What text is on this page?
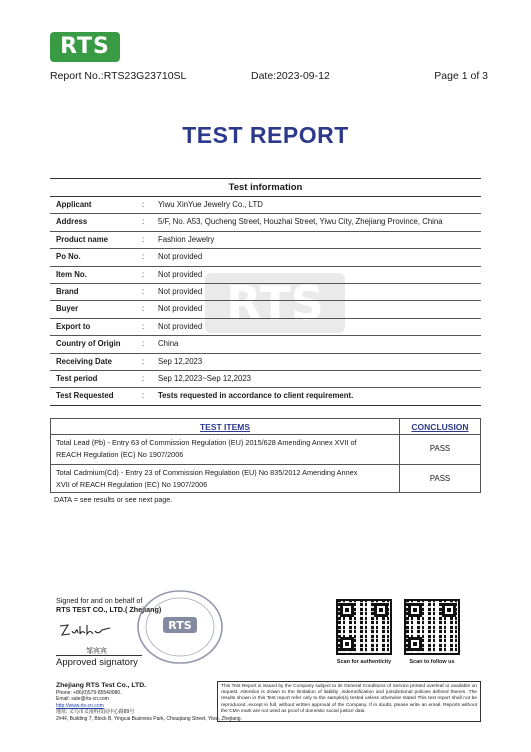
RTS
Report No.:RTS23G23710SL	Date:2023-09-12	Page 1 of 3
TEST REPORT
RTS
Test information
Applicant	: Yiwu XinYue Jewelry Co., LTD
Address	: 5/F, No. A53, Qucheng Street, Houzhai Street, Yiwu City, Zhejiang Province, China
Product name	: Fashion Jewelry
Po No.	: Not provided
Item No.	: Not provided
Brand	: Not provided
Buyer	: Not provided
Export to	: Not provided
Country of Origin	: China
Receiving Date	: Sep 12,2023
Test period	: Sep 12,2023~Sep 12,2023
Test Requested	: Tests requested in accordance to client requirement.
TEST ITEMS	CONCLUSION
Total Lead (Pb) - Entry 63 of Commission Regulation (EU) 2015/628 Amending Annex XVII of
REACH Regulation (EC) No 1907/2006
PASS
Total Cadmium(Cd) - Entry 23 of Commission Regulation (EU) No 835/2012 Amending Annex
XVII of REACH Regulation (EC) No 1907/2006
PASS
DATA = see results or see next page.
Signed for and on behalf of
RTS TEST CO., LTD.( Zhejiang)
邹宾宾
Approved signatory
RTS
Scan for authenticity	Scan to follow us
Zhejiang RTS Test Co., LTD.
Phone: +86(0)579-85540080.
Email: sale@rts-cn.com
http://www.rts-cn.com
地址: 义乌市义南科技园中心路89号
2#4F, Building 7, Block B, Yingcai Business Park, Chouqiang Street, Yiwu, Zhejiang.
This Test Report is issued by the Company subject to its General Conditions of Service printed overleaf or available on request. Attention is drawn to the limitation of liability ,indemnification and jurisdictional policies defined therein .The results shown in this Test report refer only to the sample(s) tested unless otherwise stated This test report shall not be reproduced ,except in full, without written approval of the Company. If in doubt, please write an email. Reports without the CMA mark are not used as proof of domestic social justice data
